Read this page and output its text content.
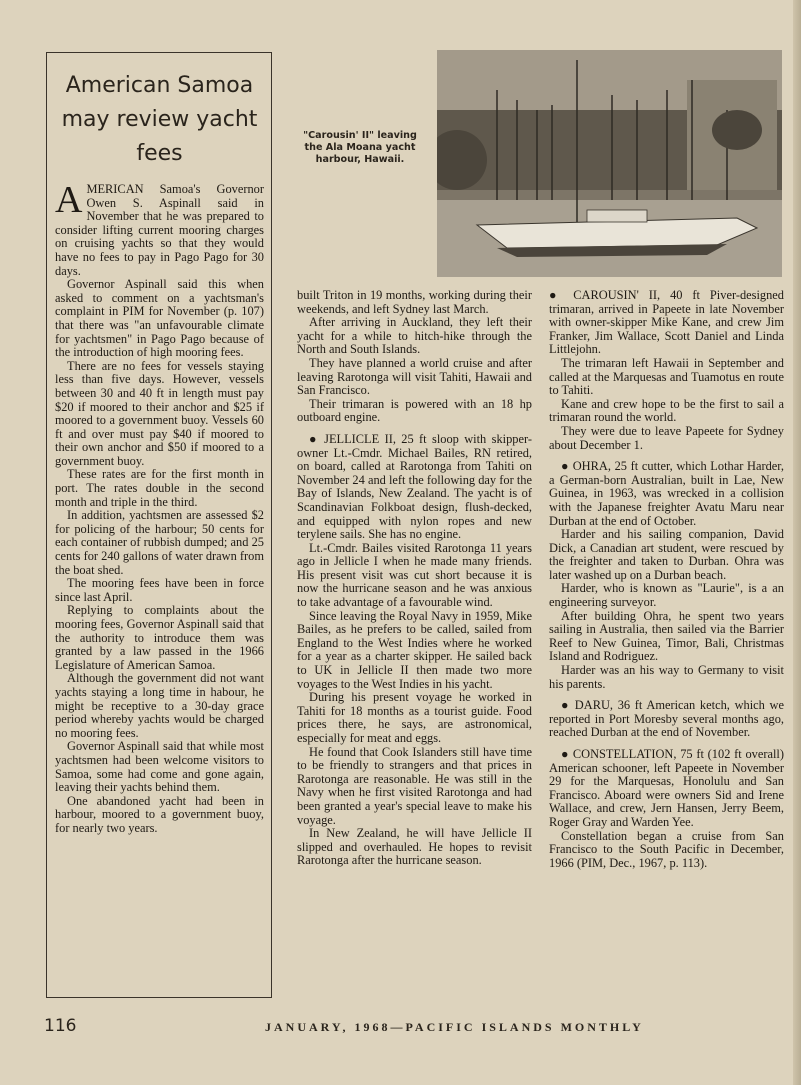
American Samoa may review yacht fees

AMERICAN Samoa's Governor Owen S. Aspinall said in November that he was prepared to consider lifting current mooring charges on cruising yachts so that they would have no fees to pay in Pago Pago for 30 days.

Governor Aspinall said this when asked to comment on a yachtsman's complaint in PIM for November (p. 107) that there was "an unfavourable climate for yachtsmen" in Pago Pago because of the introduction of high mooring fees.

There are no fees for vessels staying less than five days. However, vessels between 30 and 40 ft in length must pay $20 if moored to their anchor and $25 if moored to a government buoy. Vessels 60 ft and over must pay $40 if moored to their own anchor and $50 if moored to a government buoy.

These rates are for the first month in port. The rates double in the second month and triple in the third.

In addition, yachtsmen are assessed $2 for policing of the harbour; 50 cents for each container of rubbish dumped; and 25 cents for 240 gallons of water drawn from the boat shed.

The mooring fees have been in force since last April.

Replying to complaints about the mooring fees, Governor Aspinall said that the authority to introduce them was granted by a law passed in the 1966 Legislature of American Samoa.

Although the government did not want yachts staying a long time in habour, he might be receptive to a 30-day grace period whereby yachts would be charged no mooring fees.

Governor Aspinall said that while most yachtsmen had been welcome visitors to Samoa, some had come and gone again, leaving their yachts behind them.

One abandoned yacht had been in harbour, moored to a government buoy, for nearly two years.

"Carousin' II" leaving the Ala Moana yacht harbour, Hawaii.

built Triton in 19 months, working during their weekends, and left Sydney last March.

After arriving in Auckland, they left their yacht for a while to hitch-hike through the North and South Islands.

They have planned a world cruise and after leaving Rarotonga will visit Tahiti, Hawaii and San Francisco.

Their trimaran is powered with an 18 hp outboard engine.

● JELLICLE II, 25 ft sloop with skipper-owner Lt.-Cmdr. Michael Bailes, RN retired, on board, called at Rarotonga from Tahiti on November 24 and left the following day for the Bay of Islands, New Zealand. The yacht is of Scandinavian Folkboat design, flush-decked, and equipped with nylon ropes and new terylene sails. She has no engine.

Lt.-Cmdr. Bailes visited Rarotonga 11 years ago in Jellicle I when he made many friends. His present visit was cut short because it is now the hurricane season and he was anxious to take advantage of a favourable wind.

Since leaving the Royal Navy in 1959, Mike Bailes, as he prefers to be called, sailed from England to the West Indies where he worked for a year as a charter skipper. He sailed back to UK in Jellicle II then made two more voyages to the West Indies in his yacht.

During his present voyage he worked in Tahiti for 18 months as a tourist guide. Food prices there, he says, are astronomical, especially for meat and eggs.

He found that Cook Islanders still have time to be friendly to strangers and that prices in Rarotonga are reasonable. He was still in the Navy when he first visited Rarotonga and had been granted a year's special leave to make his voyage.

In New Zealand, he will have Jellicle II slipped and overhauled. He hopes to revisit Rarotonga after the hurricane season.

● CAROUSIN' II, 40 ft Piver-designed trimaran, arrived in Papeete in late November with owner-skipper Mike Kane, and crew Jim Franker, Jim Wallace, Scott Daniel and Linda Littlejohn.

The trimaran left Hawaii in September and called at the Marquesas and Tuamotus en route to Tahiti.

Kane and crew hope to be the first to sail a trimaran round the world.

They were due to leave Papeete for Sydney about December 1.

● OHRA, 25 ft cutter, which Lothar Harder, a German-born Australian, built in Lae, New Guinea, in 1963, was wrecked in a collision with the Japanese freighter Avatu Maru near Durban at the end of October.

Harder and his sailing companion, David Dick, a Canadian art student, were rescued by the freighter and taken to Durban. Ohra was later washed up on a Durban beach.

Harder, who is known as "Laurie", is a an engineering surveyor.

After building Ohra, he spent two years sailing in Australia, then sailed via the Barrier Reef to New Guinea, Timor, Bali, Christmas Island and Rodriguez.

Harder was an his way to Germany to visit his parents.

● DARU, 36 ft American ketch, which we reported in Port Moresby several months ago, reached Durban at the end of November.

● CONSTELLATION, 75 ft (102 ft overall) American schooner, left Papeete in November 29 for the Marquesas, Honolulu and San Francisco. Aboard were owners Sid and Irene Wallace, and crew, Jern Hansen, Jerry Beem, Roger Gray and Warden Yee.

Constellation began a cruise from San Francisco to the South Pacific in December, 1966 (PIM, Dec., 1967, p. 113).

116	JANUARY, 1968—PACIFIC ISLANDS MONTHLY
